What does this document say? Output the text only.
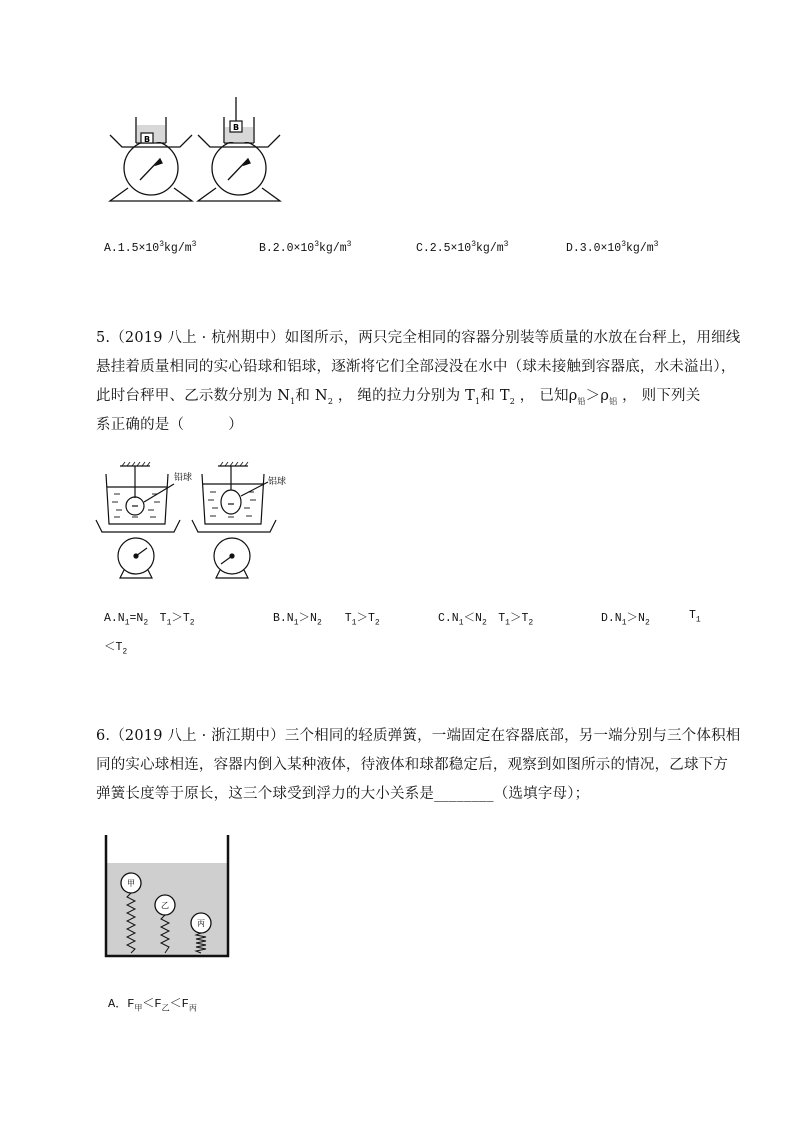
B
B
$A.1.5\times 10^3kg/m^3$	$B.2.0\times 10^3kg/m^3$	$C.2.5\times 10^3kg/m^3$	$D.3.0\times 10^3kg/m^3$
5.（2019 八上 · 杭州期中）如图所示，两只完全相同的容器分别装等质量的水放在台秤上，用细线
悬挂着质量相同的实心铅球和铝球，逐渐将它们全部浸没在水中（球未接触到容器底，水未溢出），
此时台秤甲、乙示数分别为 $N_1$和 $N_2$ ， 绳的拉力分别为 $T_1$和 $T_2$ ， 已知$\rho_铅>\rho_铝$ ， 则下列关
系正确的是（　　　）
铅球	铝球
$A.N_1=N_2$　$T_1>T_2$	$B.N_1>N_2$　　$T_1>T_2$	$C.N_1<N_2$　$T_1>T_2$	$D.N_1>N_2$
$T_1$
$<T_2$
6.（2019 八上 · 浙江期中）三个相同的轻质弹簧，一端固定在容器底部，另一端分别与三个体积相
同的实心球相连，容器内倒入某种液体，待液体和球都稳定后，观察到如图所示的情况，乙球下方
弹簧长度等于原长，这三个球受到浮力的大小关系是________（选填字母）；
甲
乙
丙
A．$F_甲<F_乙<F_丙$
